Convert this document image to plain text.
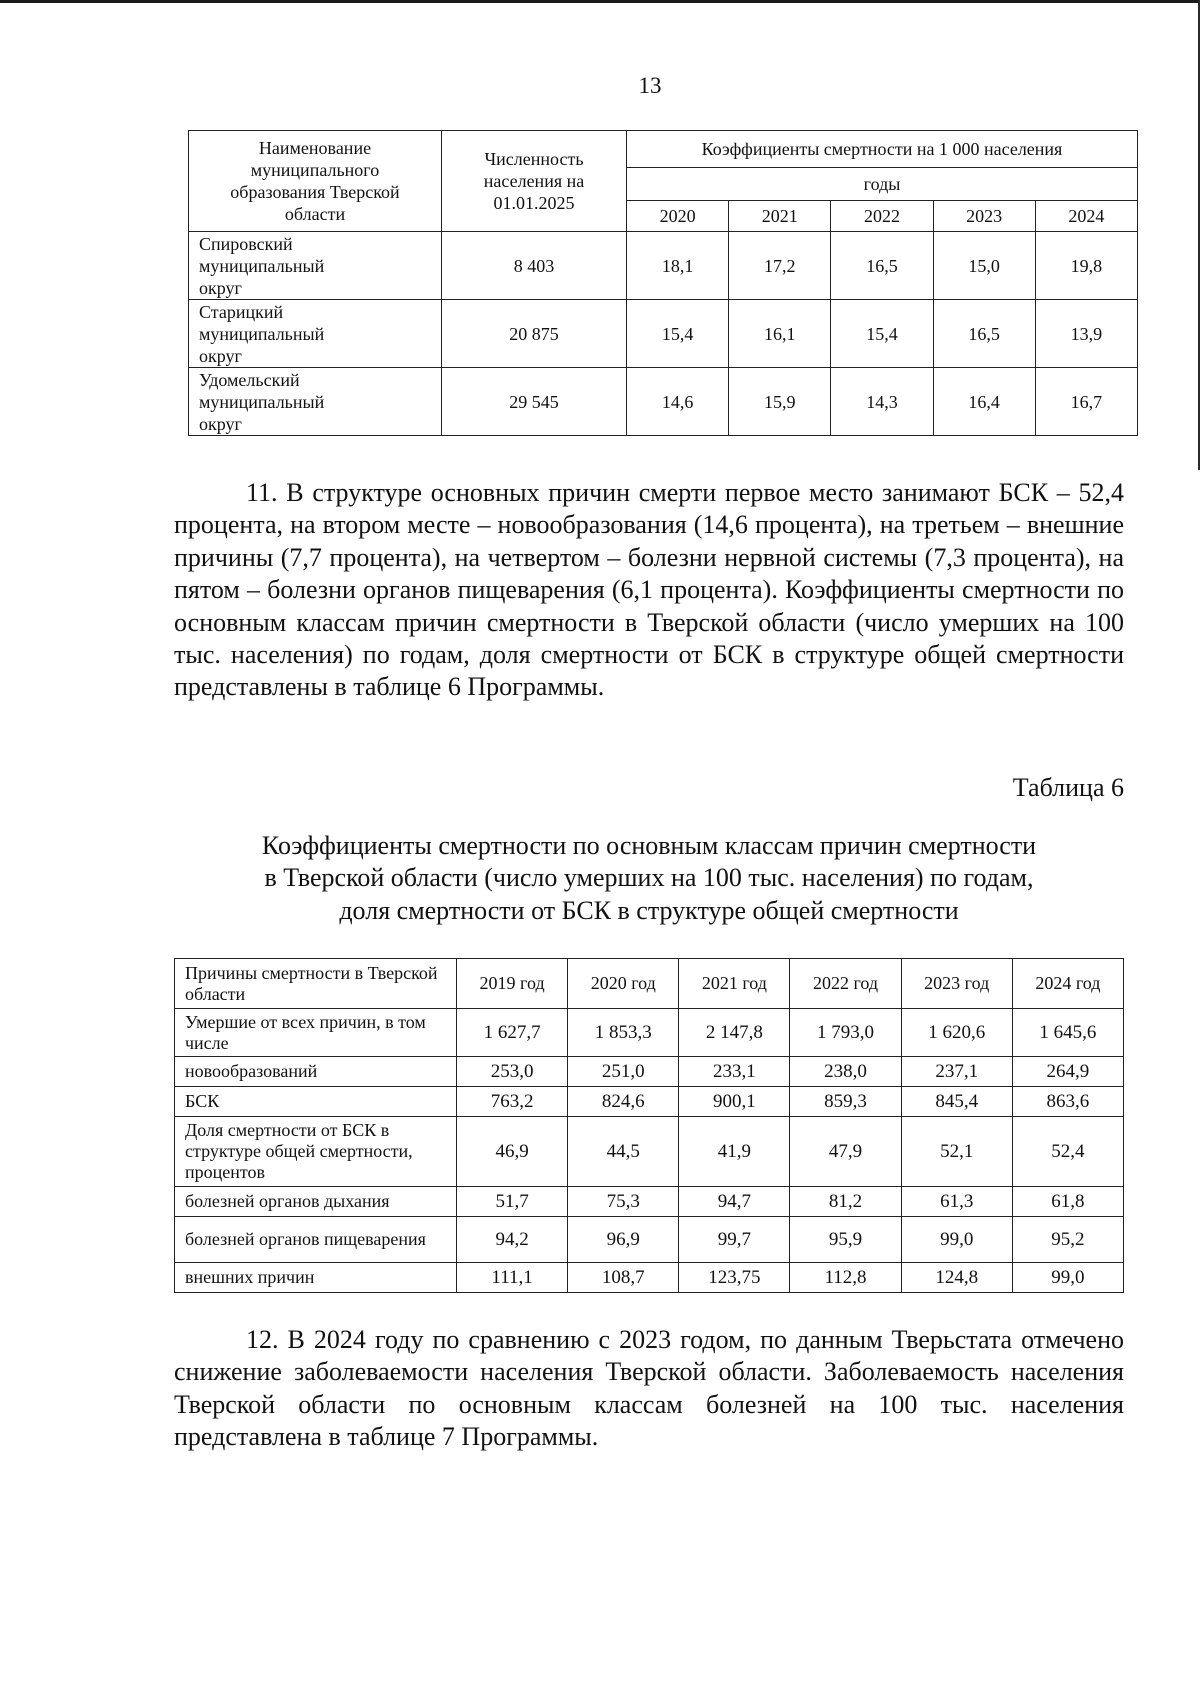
13
Наименование муниципального образования Тверской области	Численность населения на 01.01.2025	Коэффициенты смертности на 1 000 населения				
		годы				
		2020	2021	2022	2023	2024
Спировский
муниципальный
округ	8 403	18,1	17,2	16,5	15,0	19,8
Старицкий
муниципальный
округ	20 875	15,4	16,1	15,4	16,5	13,9
Удомельский
муниципальный
округ	29 545	14,6	15,9	14,3	16,4	16,7
11. В структуре основных причин смерти первое место занимают БСК – 52,4 процента, на втором месте – новообразования (14,6 процента), на третьем – внешние причины (7,7 процента), на четвертом – болезни нервной системы (7,3 процента), на пятом – болезни органов пищеварения (6,1 процента). Коэффициенты смертности по основным классам причин смертности в Тверской области (число умерших на 100 тыс. населения) по годам, доля смертности от БСК в структуре общей смертности представлены в таблице 6 Программы.
Таблица 6
Коэффициенты смертности по основным классам причин смертности
в Тверской области (число умерших на 100 тыс. населения) по годам,
доля смертности от БСК в структуре общей смертности
Причины смертности в Тверской области	2019 год	2020 год	2021 год	2022 год	2023 год	2024 год
Умершие от всех причин, в том числе	1 627,7	1 853,3	2 147,8	1 793,0	1 620,6	1 645,6
новообразований	253,0	251,0	233,1	238,0	237,1	264,9
БСК	763,2	824,6	900,1	859,3	845,4	863,6
Доля смертности от БСК в структуре общей смертности, процентов	46,9	44,5	41,9	47,9	52,1	52,4
болезней органов дыхания	51,7	75,3	94,7	81,2	61,3	61,8
болезней органов пищеварения	94,2	96,9	99,7	95,9	99,0	95,2
внешних причин	111,1	108,7	123,75	112,8	124,8	99,0
12. В 2024 году по сравнению с 2023 годом, по данным Тверьстата отмечено снижение заболеваемости населения Тверской области. Заболеваемость населения Тверской области по основным классам болезней на 100 тыс. населения представлена в таблице 7 Программы.
